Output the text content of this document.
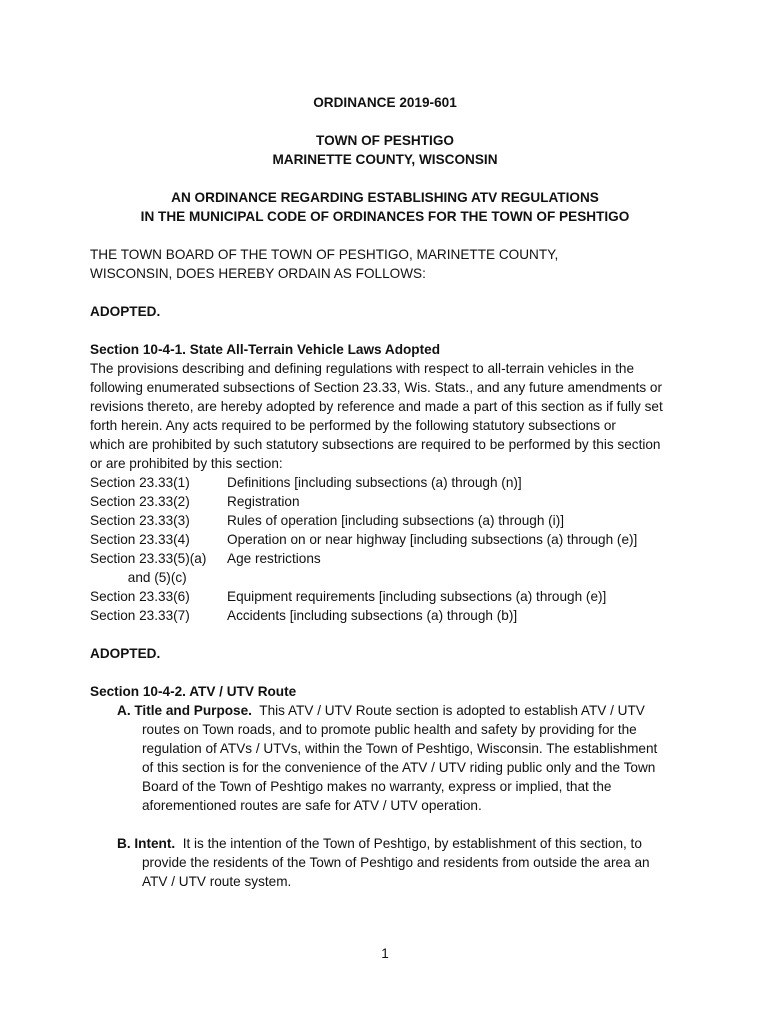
ORDINANCE 2019-601
TOWN OF PESHTIGO
MARINETTE COUNTY, WISCONSIN
AN ORDINANCE REGARDING ESTABLISHING ATV REGULATIONS
IN THE MUNICIPAL CODE OF ORDINANCES FOR THE TOWN OF PESHTIGO
THE TOWN BOARD OF THE TOWN OF PESHTIGO, MARINETTE COUNTY,
WISCONSIN, DOES HEREBY ORDAIN AS FOLLOWS:
ADOPTED.
Section 10-4-1. State All-Terrain Vehicle Laws Adopted
The provisions describing and defining regulations with respect to all-terrain vehicles in the
following enumerated subsections of Section 23.33, Wis. Stats., and any future amendments or
revisions thereto, are hereby adopted by reference and made a part of this section as if fully set
forth herein. Any acts required to be performed by the following statutory subsections or
which are prohibited by such statutory subsections are required to be performed by this section
or are prohibited by this section:
Section 23.33(1)	Definitions [including subsections (a) through (n)]
Section 23.33(2)	Registration
Section 23.33(3)	Rules of operation [including subsections (a) through (i)]
Section 23.33(4)	Operation on or near highway [including subsections (a) through (e)]
Section 23.33(5)(a)	Age restrictions
and (5)(c)
Section 23.33(6)	Equipment requirements [including subsections (a) through (e)]
Section 23.33(7)	Accidents [including subsections (a) through (b)]
ADOPTED.
Section 10-4-2. ATV / UTV Route
A. Title and Purpose.  This ATV / UTV Route section is adopted to establish ATV / UTV
routes on Town roads, and to promote public health and safety by providing for the
regulation of ATVs / UTVs, within the Town of Peshtigo, Wisconsin. The establishment
of this section is for the convenience of the ATV / UTV riding public only and the Town
Board of the Town of Peshtigo makes no warranty, express or implied, that the
aforementioned routes are safe for ATV / UTV operation.
B. Intent.  It is the intention of the Town of Peshtigo, by establishment of this section, to
provide the residents of the Town of Peshtigo and residents from outside the area an
ATV / UTV route system.
1
